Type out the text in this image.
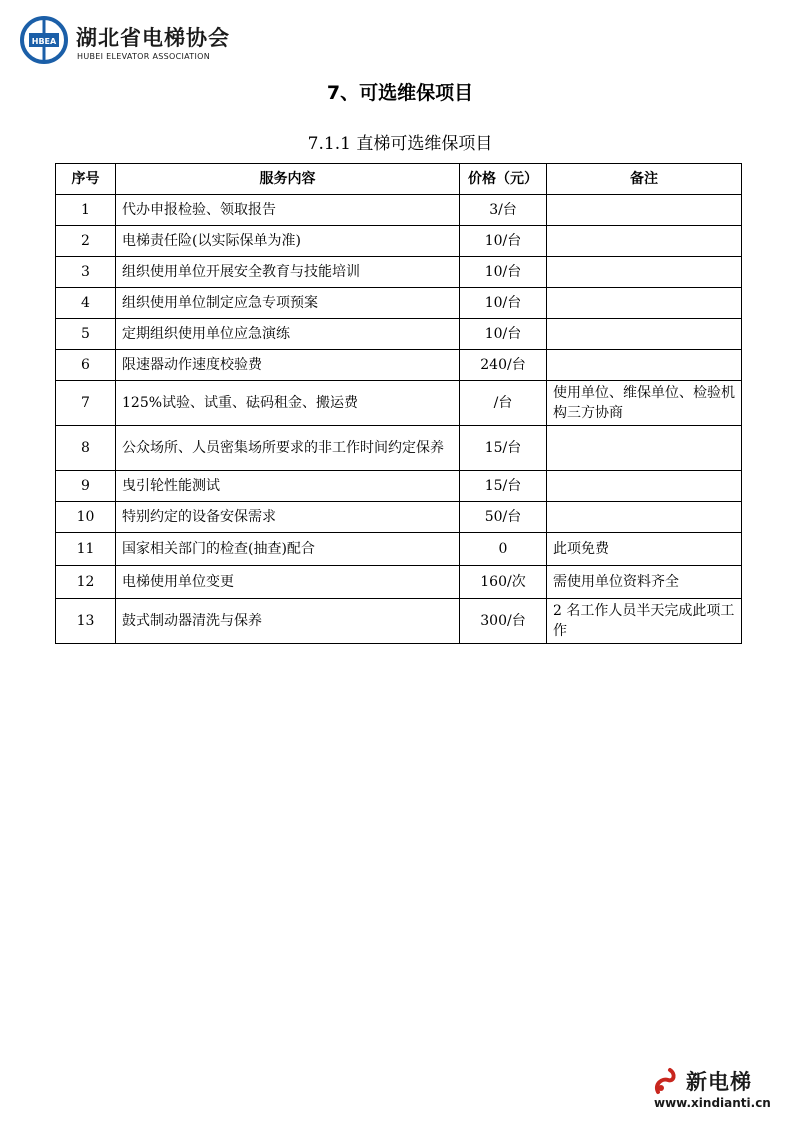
HBEA 湖北省电梯协会
HUBEI ELEVATOR ASSOCIATION
7、可选维保项目
7.1.1 直梯可选维保项目
序号	服务内容	价格（元）	备注
1	代办申报检验、领取报告	3/台	
2	电梯责任险(以实际保单为准)	10/台	
3	组织使用单位开展安全教育与技能培训	10/台	
4	组织使用单位制定应急专项预案	10/台	
5	定期组织使用单位应急演练	10/台	
6	限速器动作速度校验费	240/台	
7	125%试验、试重、砝码租金、搬运费	/台	使用单位、维保单位、检验机构三方协商
8	公众场所、人员密集场所要求的非工作时间约定保养	15/台	
9	曳引轮性能测试	15/台	
10	特别约定的设备安保需求	50/台	
11	国家相关部门的检查(抽查)配合	0	此项免费
12	电梯使用单位变更	160/次	需使用单位资料齐全
13	鼓式制动器清洗与保养	300/台	2 名工作人员半天完成此项工作
新电梯
www.xindianti.cn
